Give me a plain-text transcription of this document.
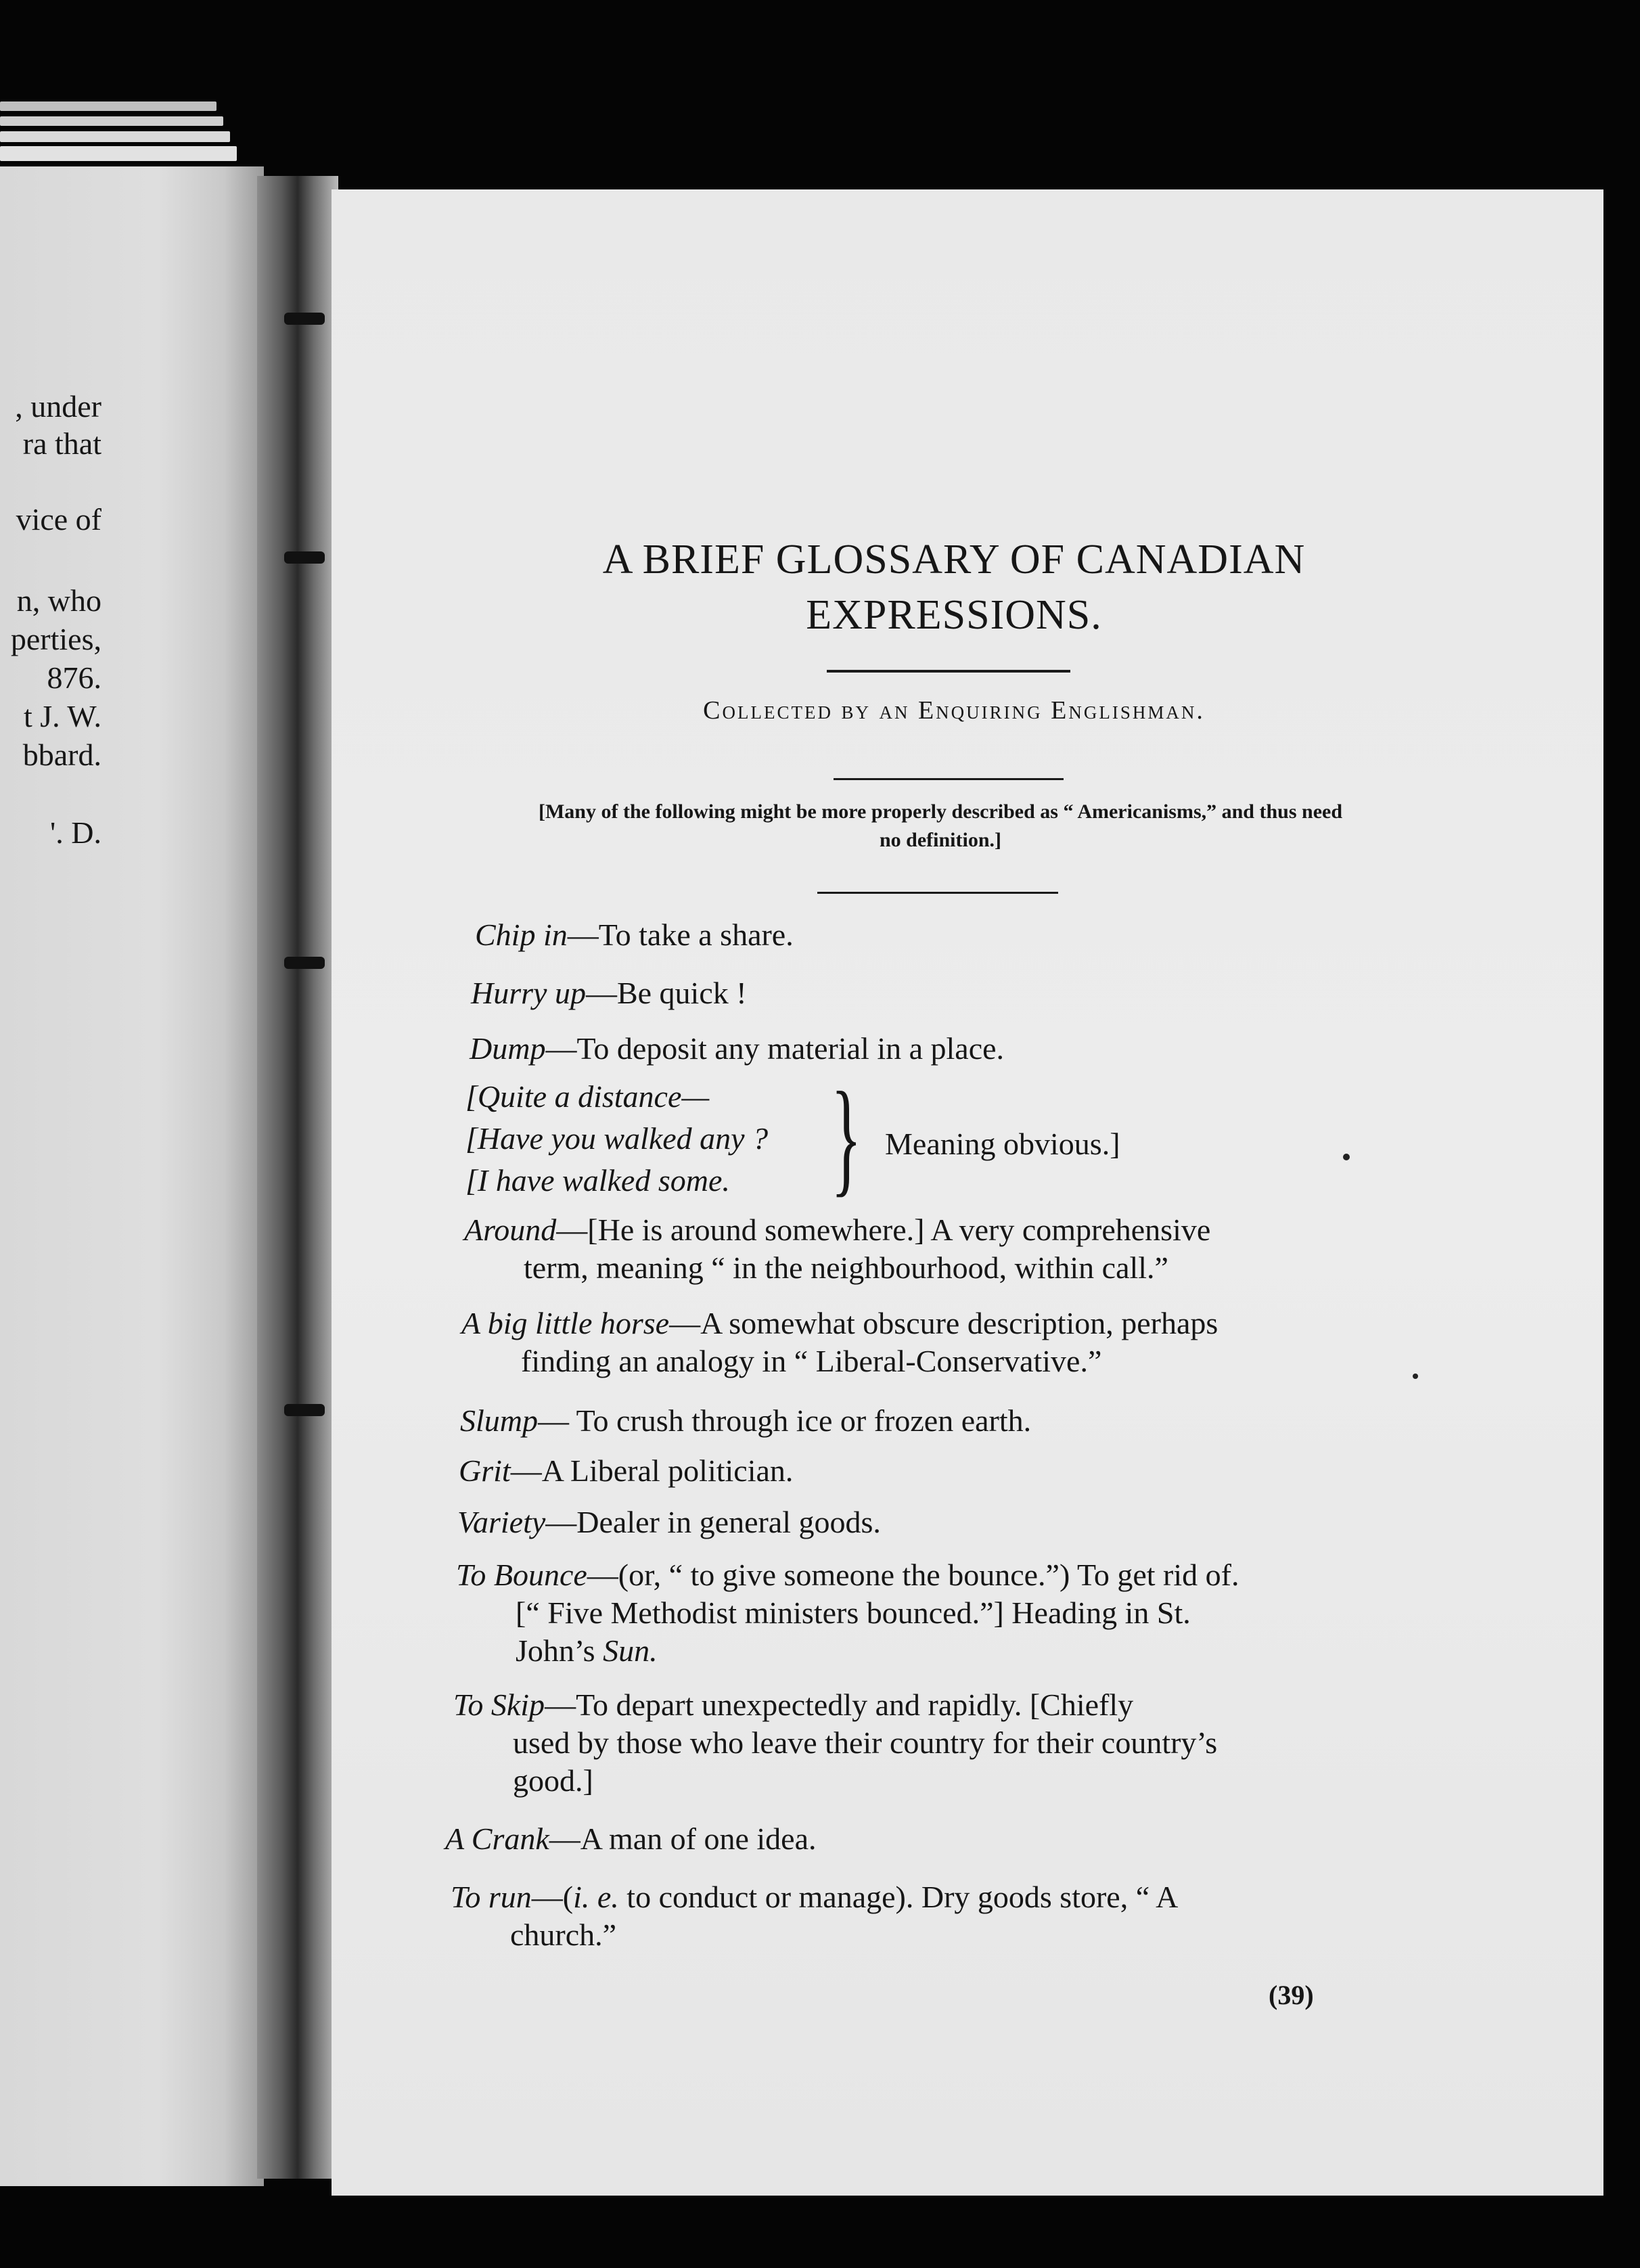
, under
ra that
vice of
n, who
perties,
876.
t J. W.
bbard.
'. D.
A BRIEF GLOSSARY OF CANADIAN
EXPRESSIONS.
Collected by an Enquiring Englishman.
[Many of the following might be more properly described as “ Americanisms,” and thus need
no definition.]
Chip in—To take a share.
Hurry up—Be quick !
Dump—To deposit any material in a place.
[Quite a distance—
[Have you walked any ?
[I have walked some. } Meaning obvious.]
Around—[He is around somewhere.] A very comprehensive
term, meaning “ in the neighbourhood, within call.”
A big little horse—A somewhat obscure description, perhaps
finding an analogy in “ Liberal-Conservative.”
Slump— To crush through ice or frozen earth.
Grit—A Liberal politician.
Variety—Dealer in general goods.
To Bounce—(or, “ to give someone the bounce.”) To get rid of.
[“ Five Methodist ministers bounced.”] Heading in St.
John’s Sun.
To Skip—To depart unexpectedly and rapidly. [Chiefly
used by those who leave their country for their country’s
good.]
A Crank—A man of one idea.
To run—(i. e. to conduct or manage). Dry goods store, “ A
church.”
(39)
